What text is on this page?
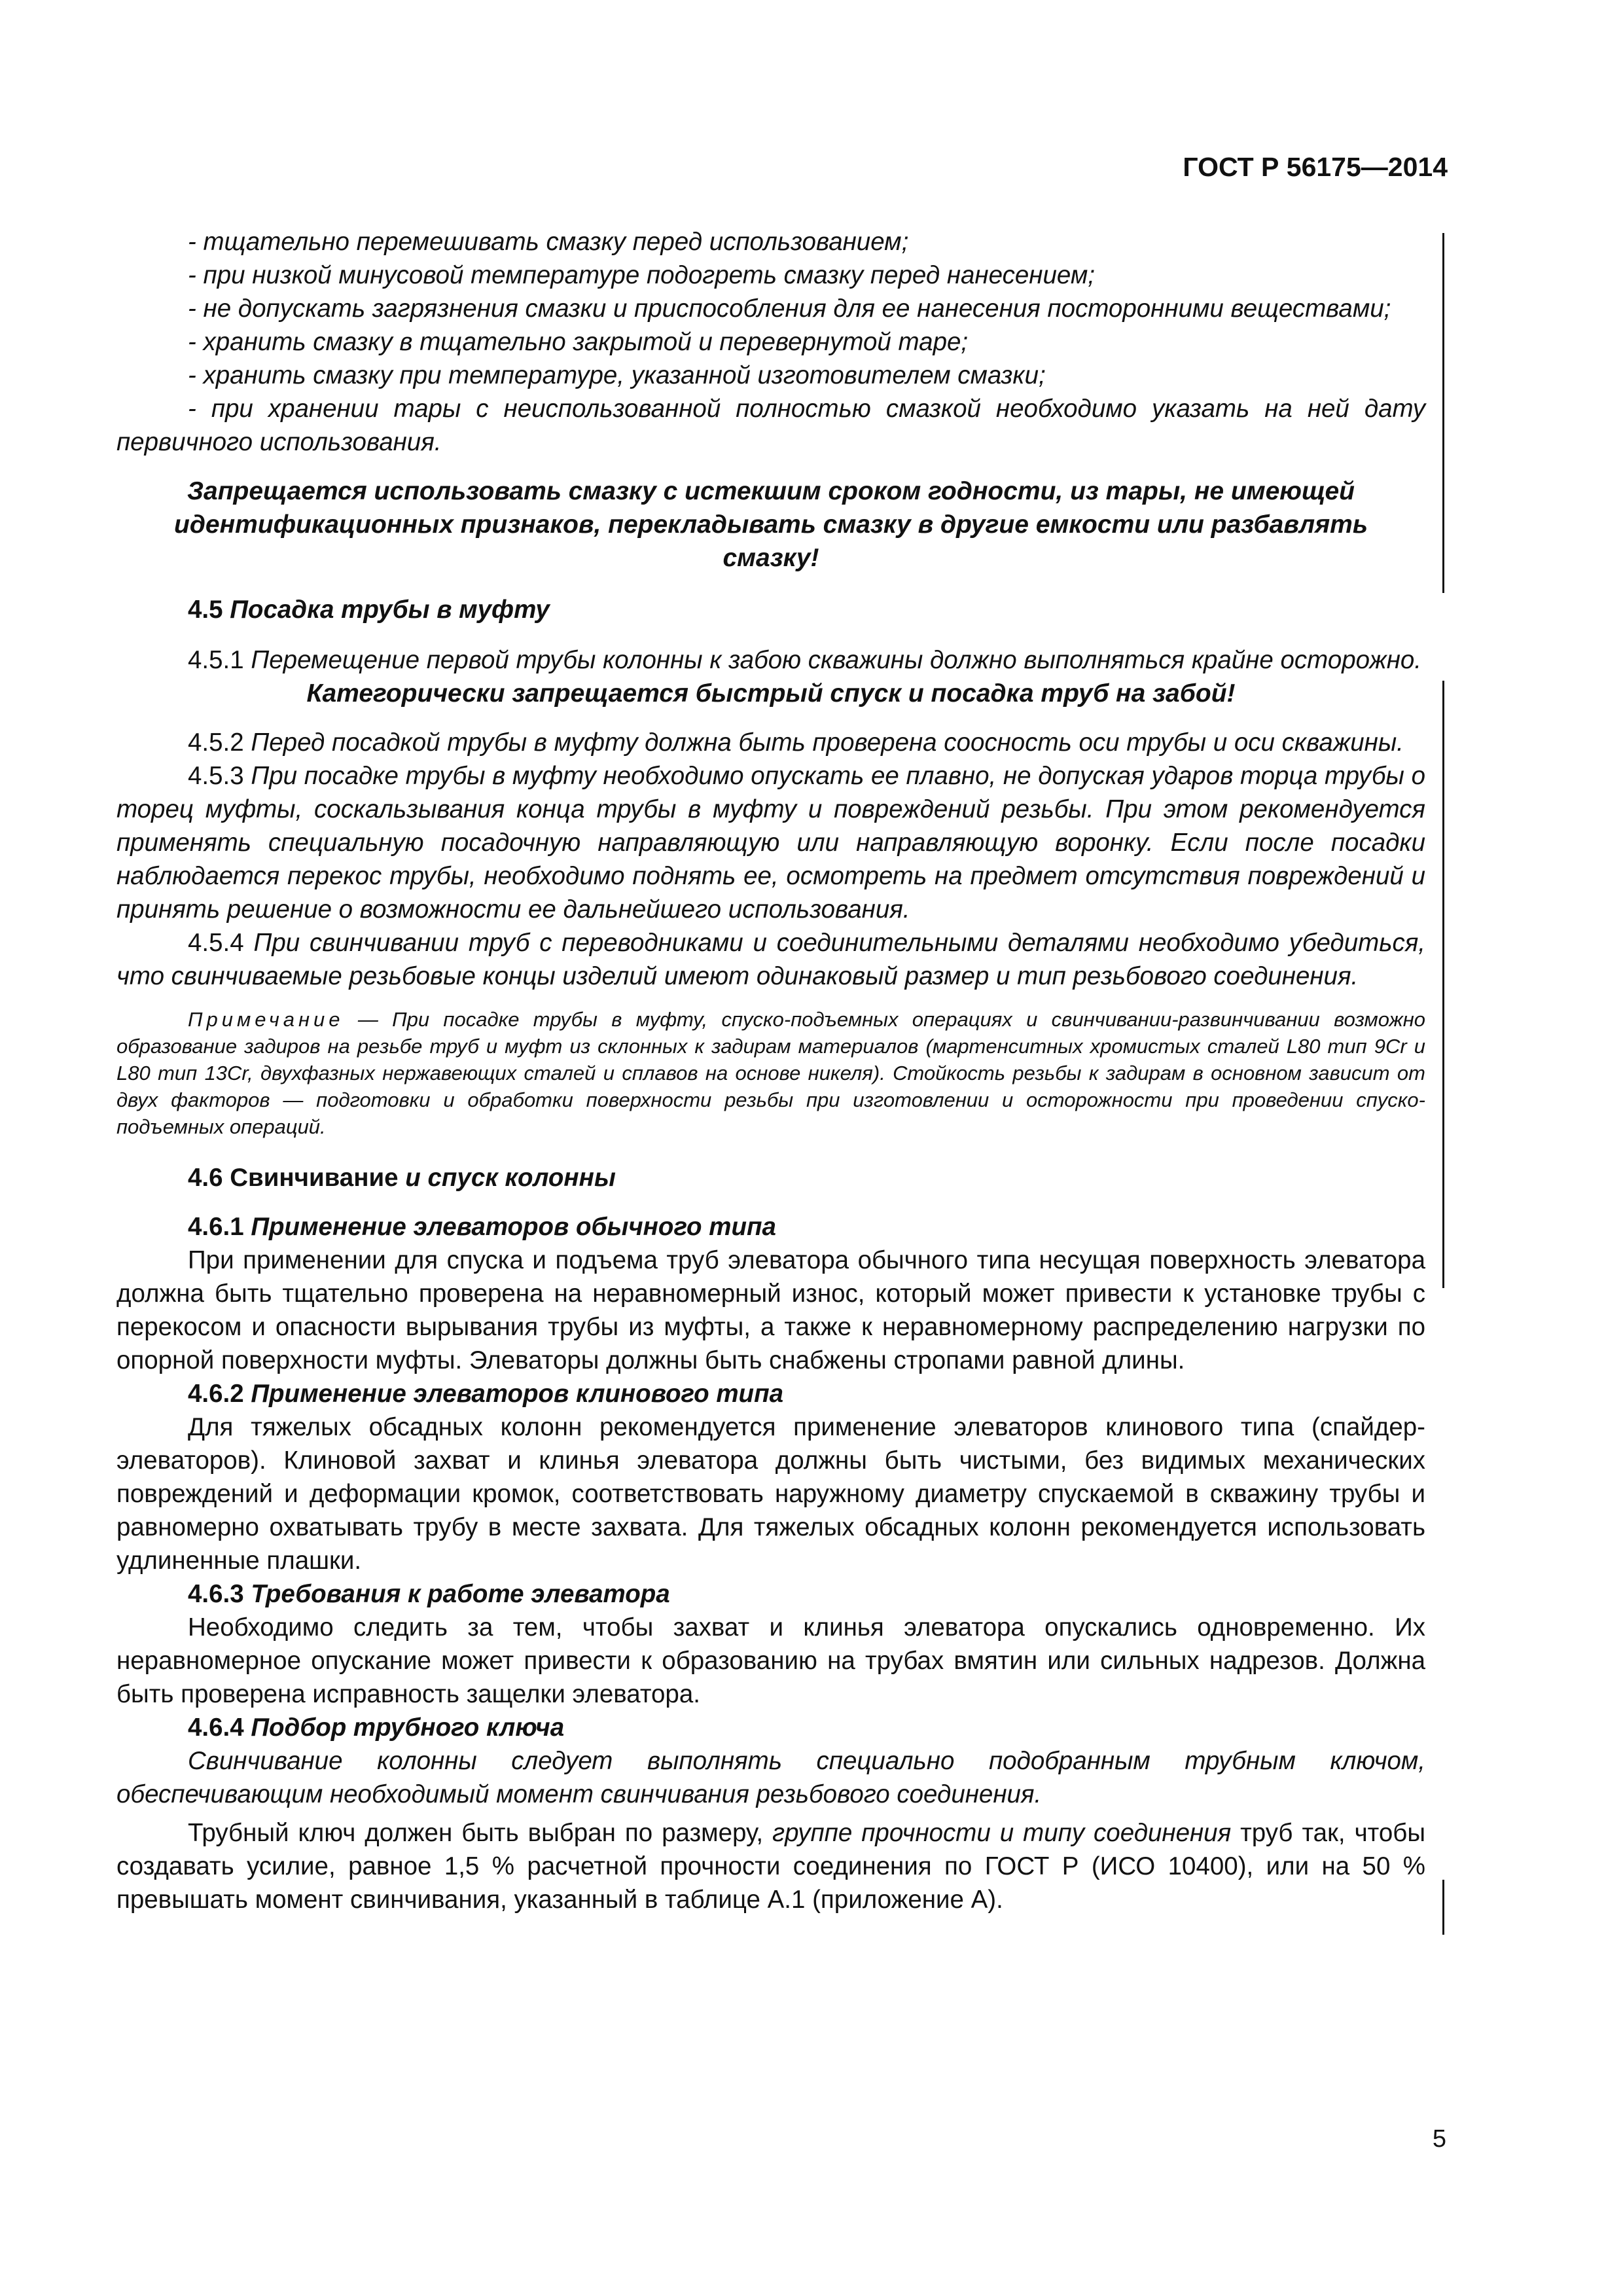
ГОСТ Р 56175—2014

- тщательно перемешивать смазку перед использованием;

- при низкой минусовой температуре подогреть смазку перед нанесением;

- не допускать загрязнения смазки и приспособления для ее нанесения посторонними веществами;

- хранить смазку в тщательно закрытой и перевернутой таре;

- хранить смазку при температуре, указанной изготовителем смазки;

- при хранении тары с неиспользованной полностью смазкой необходимо указать на ней дату первичного использования.

Запрещается использовать смазку с истекшим сроком годности, из тары, не имеющей идентификационных признаков, перекладывать смазку в другие емкости или разбавлять смазку!

4.5 Посадка трубы в муфту

4.5.1 Перемещение первой трубы колонны к забою скважины должно выполняться крайне осторожно.

Категорически запрещается быстрый спуск и посадка труб на забой!

4.5.2 Перед посадкой трубы в муфту должна быть проверена соосность оси трубы и оси скважины.

4.5.3 При посадке трубы в муфту необходимо опускать ее плавно, не допуская ударов торца трубы о торец муфты, соскальзывания конца трубы в муфту и повреждений резьбы. При этом рекомендуется применять специальную посадочную направляющую или направляющую воронку. Если после посадки наблюдается перекос трубы, необходимо поднять ее, осмотреть на предмет отсутствия повреждений и принять решение о возможности ее дальнейшего использования.

4.5.4 При свинчивании труб с переводниками и соединительными деталями необходимо убедиться, что свинчиваемые резьбовые концы изделий имеют одинаковый размер и тип резьбового соединения.

Примечание — При посадке трубы в муфту, спуско-подъемных операциях и свинчивании-развинчивании возможно образование задиров на резьбе труб и муфт из склонных к задирам материалов (мартенситных хромистых сталей L80 тип 9Cr и L80 тип 13Cr, двухфазных нержавеющих сталей и сплавов на основе никеля). Стойкость резьбы к задирам в основном зависит от двух факторов — подготовки и обработки поверхности резьбы при изготовлении и осторожности при проведении спуско-подъемных операций.

4.6 Свинчивание и спуск колонны

4.6.1 Применение элеваторов обычного типа

При применении для спуска и подъема труб элеватора обычного типа несущая поверхность элеватора должна быть тщательно проверена на неравномерный износ, который может привести к установке трубы с перекосом и опасности вырывания трубы из муфты, а также к неравномерному распределению нагрузки по опорной поверхности муфты. Элеваторы должны быть снабжены стропами равной длины.

4.6.2 Применение элеваторов клинового типа

Для тяжелых обсадных колонн рекомендуется применение элеваторов клинового типа (спайдер-элеваторов). Клиновой захват и клинья элеватора должны быть чистыми, без видимых механических повреждений и деформации кромок, соответствовать наружному диаметру спускаемой в скважину трубы и равномерно охватывать трубу в месте захвата. Для тяжелых обсадных колонн рекомендуется использовать удлиненные плашки.

4.6.3 Требования к работе элеватора

Необходимо следить за тем, чтобы захват и клинья элеватора опускались одновременно. Их неравномерное опускание может привести к образованию на трубах вмятин или сильных надрезов. Должна быть проверена исправность защелки элеватора.

4.6.4 Подбор трубного ключа

Свинчивание колонны следует выполнять специально подобранным трубным ключом, обеспечивающим необходимый момент свинчивания резьбового соединения.

Трубный ключ должен быть выбран по размеру, группе прочности и типу соединения труб так, чтобы создавать усилие, равное 1,5 % расчетной прочности соединения по ГОСТ Р (ИСО 10400), или на 50 % превышать момент свинчивания, указанный в таблице А.1 (приложение А).

5
